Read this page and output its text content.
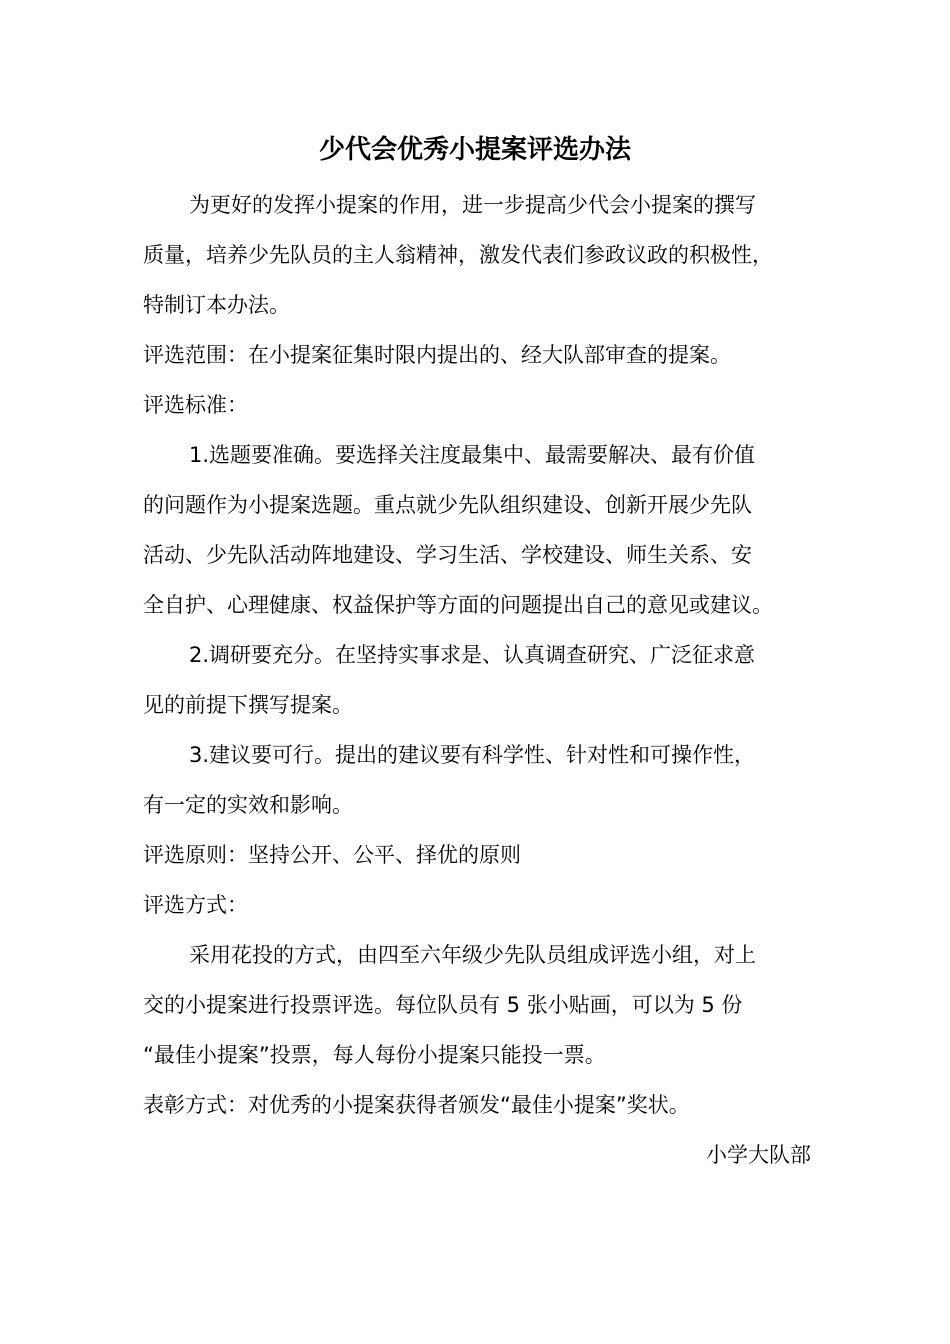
少代会优秀小提案评选办法
为更好的发挥小提案的作用，进一步提高少代会小提案的撰写
质量，培养少先队员的主人翁精神，激发代表们参政议政的积极性，
特制订本办法。
评选范围：在小提案征集时限内提出的、经大队部审查的提案。
评选标准：
1.选题要准确。要选择关注度最集中、最需要解决、最有价值
的问题作为小提案选题。重点就少先队组织建设、创新开展少先队
活动、少先队活动阵地建设、学习生活、学校建设、师生关系、安
全自护、心理健康、权益保护等方面的问题提出自己的意见或建议。
2.调研要充分。在坚持实事求是、认真调查研究、广泛征求意
见的前提下撰写提案。
3.建议要可行。提出的建议要有科学性、针对性和可操作性，
有一定的实效和影响。
评选原则：坚持公开、公平、择优的原则
评选方式：
采用花投的方式，由四至六年级少先队员组成评选小组，对上
交的小提案进行投票评选。每位队员有 5 张小贴画，可以为 5 份
“最佳小提案”投票，每人每份小提案只能投一票。
表彰方式：对优秀的小提案获得者颁发“最佳小提案”奖状。
小学大队部
